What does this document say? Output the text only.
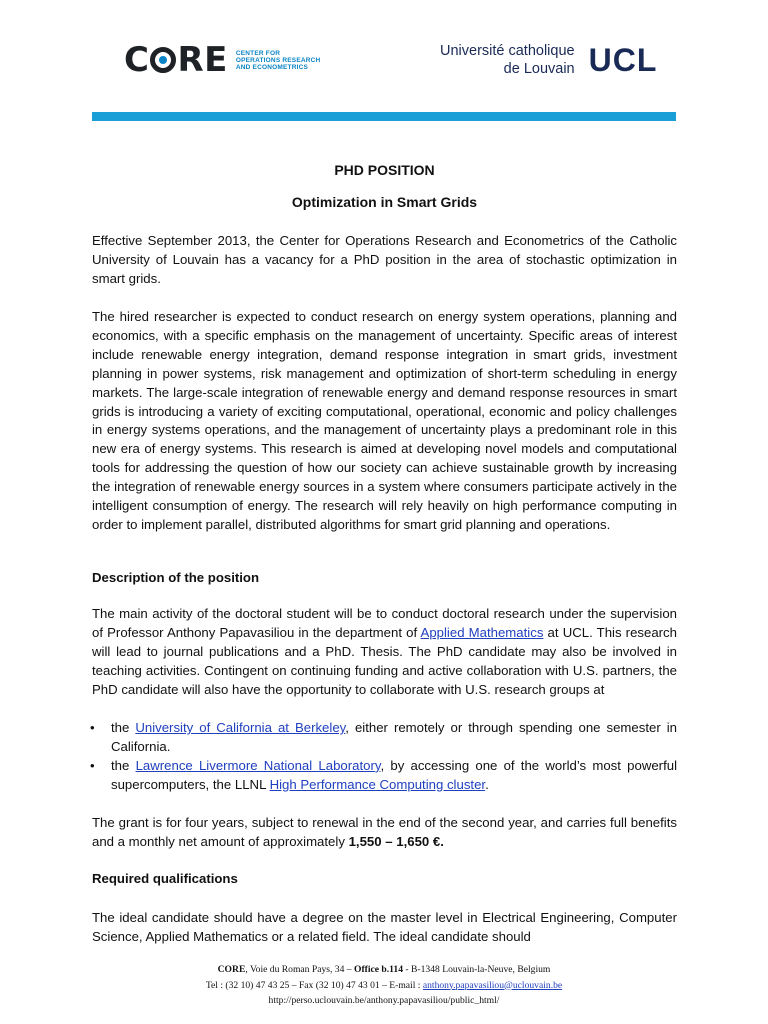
C RE CENTER FOR
OPERATIONS RESEARCH
AND ECONOMETRICS
Université catholique
de Louvain UCL
PHD POSITION
Optimization in Smart Grids

Effective September 2013, the Center for Operations Research and Econometrics of the Catholic University of Louvain has a vacancy for a PhD position in the area of stochastic optimization in smart grids.

The hired researcher is expected to conduct research on energy system operations, planning and economics, with a specific emphasis on the management of uncertainty. Specific areas of interest include renewable energy integration, demand response integration in smart grids, investment planning in power systems, risk management and optimization of short-term scheduling in energy markets. The large-scale integration of renewable energy and demand response resources in smart grids is introducing a variety of exciting computational, operational, economic and policy challenges in energy systems operations, and the management of uncertainty plays a predominant role in this new era of energy systems. This research is aimed at developing novel models and computational tools for addressing the question of how our society can achieve sustainable growth by increasing the integration of renewable energy sources in a system where consumers participate actively in the intelligent consumption of energy. The research will rely heavily on high performance computing in order to implement parallel, distributed algorithms for smart grid planning and operations.

Description of the position

The main activity of the doctoral student will be to conduct doctoral research under the supervision of Professor Anthony Papavasiliou in the department of Applied Mathematics at UCL. This research will lead to journal publications and a PhD. Thesis. The PhD candidate may also be involved in teaching activities. Contingent on continuing funding and active collaboration with U.S. partners, the PhD candidate will also have the opportunity to collaborate with U.S. research groups at

• the University of California at Berkeley, either remotely or through spending one semester in California.
• the Lawrence Livermore National Laboratory, by accessing one of the world’s most powerful supercomputers, the LLNL High Performance Computing cluster.

The grant is for four years, subject to renewal in the end of the second year, and carries full benefits and a monthly net amount of approximately 1,550 – 1,650 €.

Required qualifications

The ideal candidate should have a degree on the master level in Electrical Engineering, Computer Science, Applied Mathematics or a related field. The ideal candidate should

CORE, Voie du Roman Pays, 34 – Office b.114 - B-1348 Louvain-la-Neuve, Belgium
Tel : (32 10) 47 43 25 – Fax (32 10) 47 43 01 – E-mail : anthony.papavasiliou@uclouvain.be
http://perso.uclouvain.be/anthony.papavasiliou/public_html/
